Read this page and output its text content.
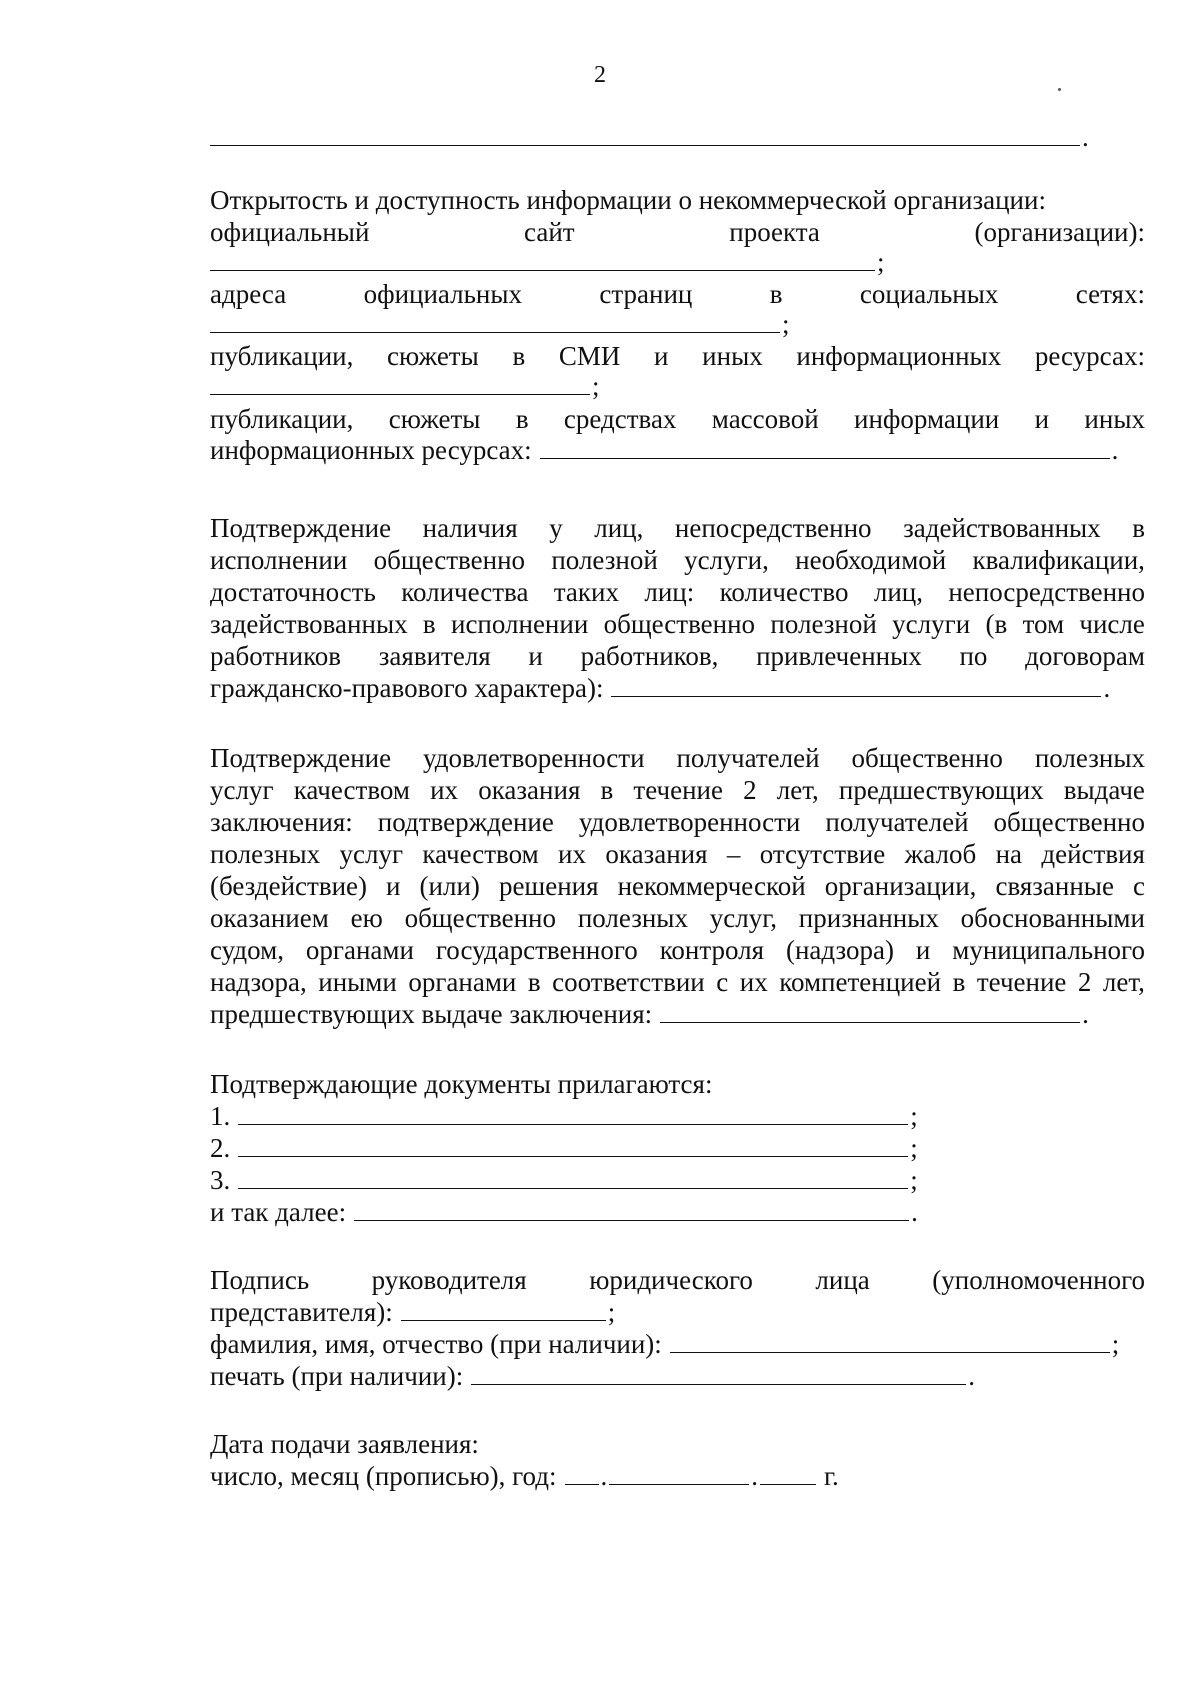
2
.
Открытость и доступность информации о некоммерческой организации:
официальный	сайт	проекта	(организации):
;
адреса	официальных	страниц	в	социальных	сетях:
;
публикации, сюжеты в СМИ и иных информационных ресурсах:
;
публикации, сюжеты в средствах массовой информации и иных
информационных ресурсах:	.
Подтверждение наличия у лиц, непосредственно задействованных в
исполнении общественно полезной услуги, необходимой квалификации,
достаточность количества таких лиц: количество лиц, непосредственно
задействованных в исполнении общественно полезной услуги (в том числе
работников заявителя и работников, привлеченных по договорам
гражданско-правового характера):	.
Подтверждение удовлетворенности получателей общественно полезных
услуг качеством их оказания в течение 2 лет, предшествующих выдаче
заключения: подтверждение удовлетворенности получателей общественно
полезных услуг качеством их оказания – отсутствие жалоб на действия
(бездействие) и (или) решения некоммерческой организации, связанные с
оказанием ею общественно полезных услуг, признанных обоснованными
судом, органами государственного контроля (надзора) и муниципального
надзора, иными органами в соответствии с их компетенцией в течение 2 лет,
предшествующих выдаче заключения:	.
Подтверждающие документы прилагаются:
1.	;
2.	;
3.	;
и так далее:	.
Подпись руководителя юридического лица (уполномоченного
представителя):	;
фамилия, имя, отчество (при наличии):	;
печать (при наличии):	.
Дата подачи заявления:
число, месяц (прописью), год: .	. г.
